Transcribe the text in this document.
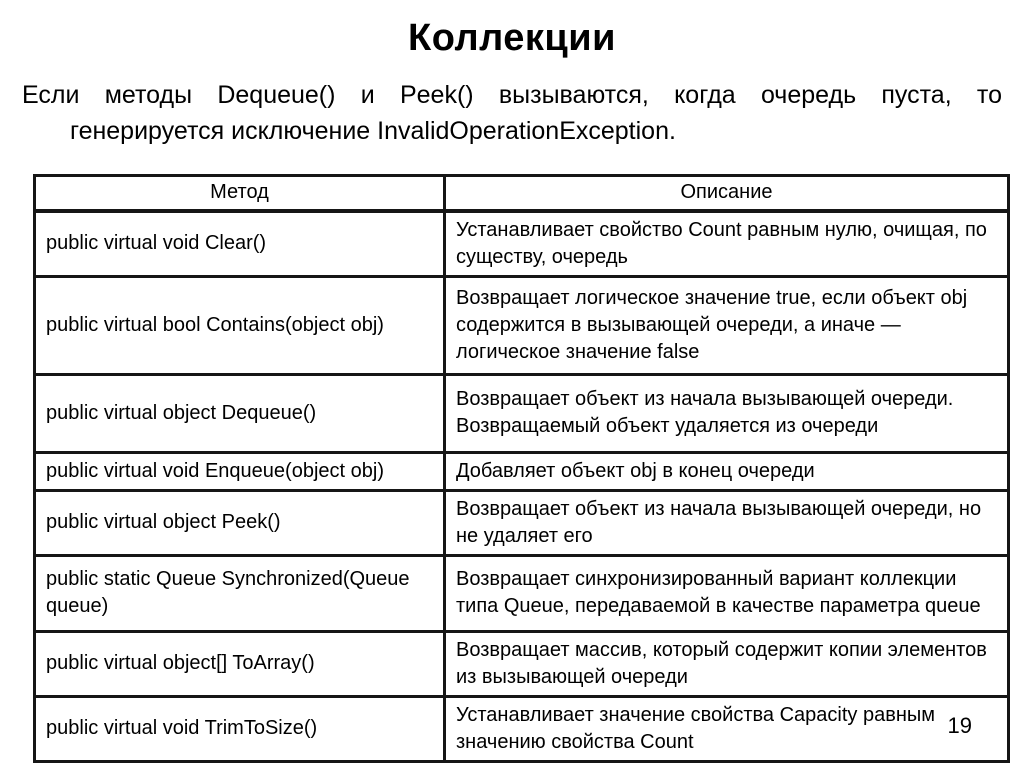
Коллекции
Если методы Dequeue() и Peek() вызываются, когда очередь пуста, то
генерируется исключение InvalidOperationException.
Метод	Описание
public virtual void Clear()	Устанавливает свойство Count равным нулю, очищая, по существу, очередь
public virtual bool Contains(object obj)	Возвращает логическое значение true, если объект obj содержится в вызывающей очереди, а иначе — логическое значение false
public virtual object Dequeue()	Возвращает объект из начала вызывающей очереди. Возвращаемый объект удаляется из очереди
public virtual void Enqueue(object obj)	Добавляет объект obj в конец очереди
public virtual object Peek()	Возвращает объект из начала вызывающей очереди, но не удаляет его
public static Queue Synchronized(Queue queue)	Возвращает синхронизированный вариант коллекции типа Queue, передаваемой в качестве параметра queue
public virtual object[] ToArray()	Возвращает массив, который содержит копии элементов из вызывающей очереди
public virtual void TrimToSize()	Устанавливает значение свойства Capacity равным значению свойства Count
19
